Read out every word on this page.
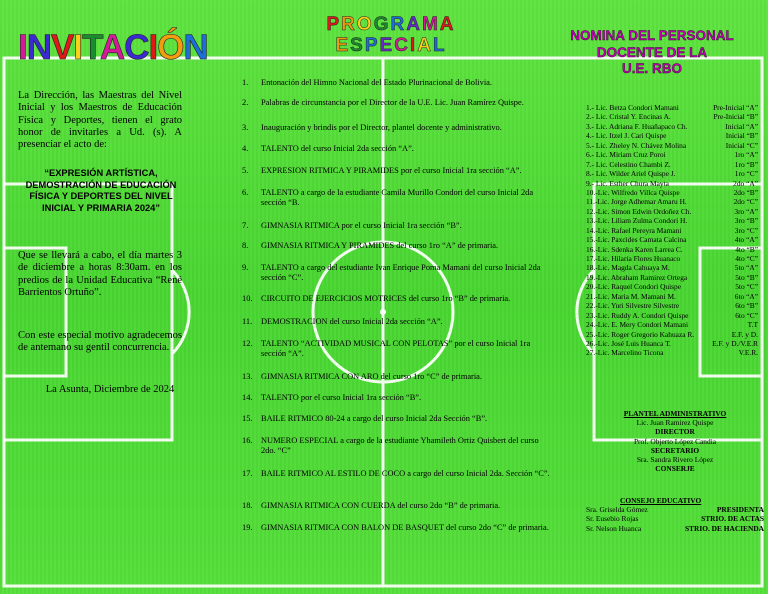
INVITACIÓN
La Dirección, las Maestras del Nivel Inicial y los Maestros de Educación Física y Deportes, tienen el grato honor de invitarles a Ud. (s). A presenciar el acto de:
“EXPRESIÓN ARTÍSTICA, DEMOSTRACIÓN DE EDUCACIÓN FÍSICA Y DEPORTES DEL NIVEL INICIAL Y PRIMARIA 2024”
Que se llevará a cabo, el día martes 3 de diciembre a horas 8:30am. en los predios de la Unidad Educativa “René Barrientos Ortuño”.
Con este especial motivo agradecemos de antemano su gentil concurrencia.
La Asunta, Diciembre de 2024
PROGRAMA
ESPECIAL
1.	Entonación del Himno Nacional del Estado Plurinacional de Bolivia.
2.	Palabras de circunstancia por el Director de la U.E. Lic. Juan Ramírez Quispe.
3.	Inauguración y brindis por el Director, plantel docente y administrativo.
4.	TALENTO del curso Inicial 2da sección “A”.
5.	EXPRESION RITMICA Y PIRAMIDES por el curso Inicial 1ra sección “A”.
6.	TALENTO a cargo de la estudiante Camila Murillo Condori del curso Inicial 2da sección “B.
7.	GIMNASIA RITMICA por el curso Inicial 1ra sección “B”.
8.	GIMNASIA RITMICA Y PIRAMIDES del curso 1ro “A” de primaria.
9.	TALENTO a cargo del estudiante Ivan Enrique Poma Mamani del curso Inicial 2da sección “C”.
10.	CIRCUITO DE EJERCICIOS MOTRICES del curso 1ro “B” de primaria.
11.	DEMOSTRACION del curso Inicial 2da sección “A”.
12.	TALENTO “ACTIVIDAD MUSICAL CON PELOTAS” por el curso Inicial 1ra sección “A”.
13.	GIMNASIA RITMICA CON ARO del curso 1ro “C” de primaria.
14.	TALENTO por el curso Inicial 1ra sección “B”.
15.	BAILE RITMICO 80-24 a cargo del curso Inicial 2da Sección “B”.
16.	NUMERO ESPECIAL a cargo de la estudiante Yhamileth Ortiz Quisbert del curso 2do. “C”
17.	BAILE RITMICO AL ESTILO DE COCO a cargo del curso Inicial 2da. Sección “C”.
18.	GIMNASIA RITMICA CON CUERDA del curso 2do “B” de primaria.
19.	GIMNASIA RITMICA CON BALON DE BASQUET del curso 2do “C” de primaria.
NOMINA DEL PERSONAL
DOCENTE DE LA
U.E. RBO
1.- Lic. Betza Condori Mamani	Pre-Inicial “A”
2.- Lic. Cristal Y. Encinas A.	Pre-Inicial “B”
3.- Lic. Adriana F. Huañapaco Ch.	Inicial “A”
4.- Lic. Itzel J. Cari Quispe	Inicial “B”
5.- Lic. Zheley N. Chávez Molina	Inicial “C”
6.- Lic. Miriam Cruz Poroi	1ro “A”
7.- Lic. Celestino Chambi Z.	1ro “B”
8.- Lic. Wilder Ariel Quispe J.	1ro “C”
9.- Lic. Esther Chura Mayta	2do “A”
10.-Lic. Wilfredo Villca Quispe	2do “B”
11.-Lic. Jorge Adhemar Amaru H.	2do “C”
12.-Lic. Simon Edwin Ordoñez Ch.	3ro “A”
13.-Lic. Liliam Zulma Condori H.	3ro “B”
14.-Lic. Rafael Pereyra Mamani	3ro “C”
15.-Lic. Paxcides Camata Calcina	4to “A”
16.-Lic. Sdenka Karen Larrea C.	4to “B”
17.-Lic. Hilaria Flores Huanaco	4to “C”
18.-Lic. Magda Cahuaya M.	5to “A”
19.-Lic. Abraham Ramirez Ortega	5to “B”
20.-Lic. Raquel Condori Quispe	5to “C”
21.-Lic. Maria M. Mamani M.	6to “A”
22.-Lic. Yuri Silvestre Silvestre	6to “B”
23.-Lic. Ruddy A. Condori Quispe	6to “C”
24.-Lic. E. Mery Condori Mamani	T.T
25.-Lic. Roger Gregorio Kahuaza R.	E.F. y D.
26.-Lic. José Luis Huanca T.	E.F. y D./V.E.R
27.-Lic. Marcelino Ticona	V.E.R.
PLANTEL ADMINISTRATIVO
Lic. Juan Ramirez Quispe
DIRECTOR
Prof. Objerto López Candia
SECRETARIO
Sra. Sandra Rivero López
CONSERJE
CONSEJO EDUCATIVO
Sra. Griselda Gómez	PRESIDENTA
Sr. Eusebio Rojas	STRIO. DE ACTAS
Sr. Nelson Huanca	STRIO. DE HACIENDA
